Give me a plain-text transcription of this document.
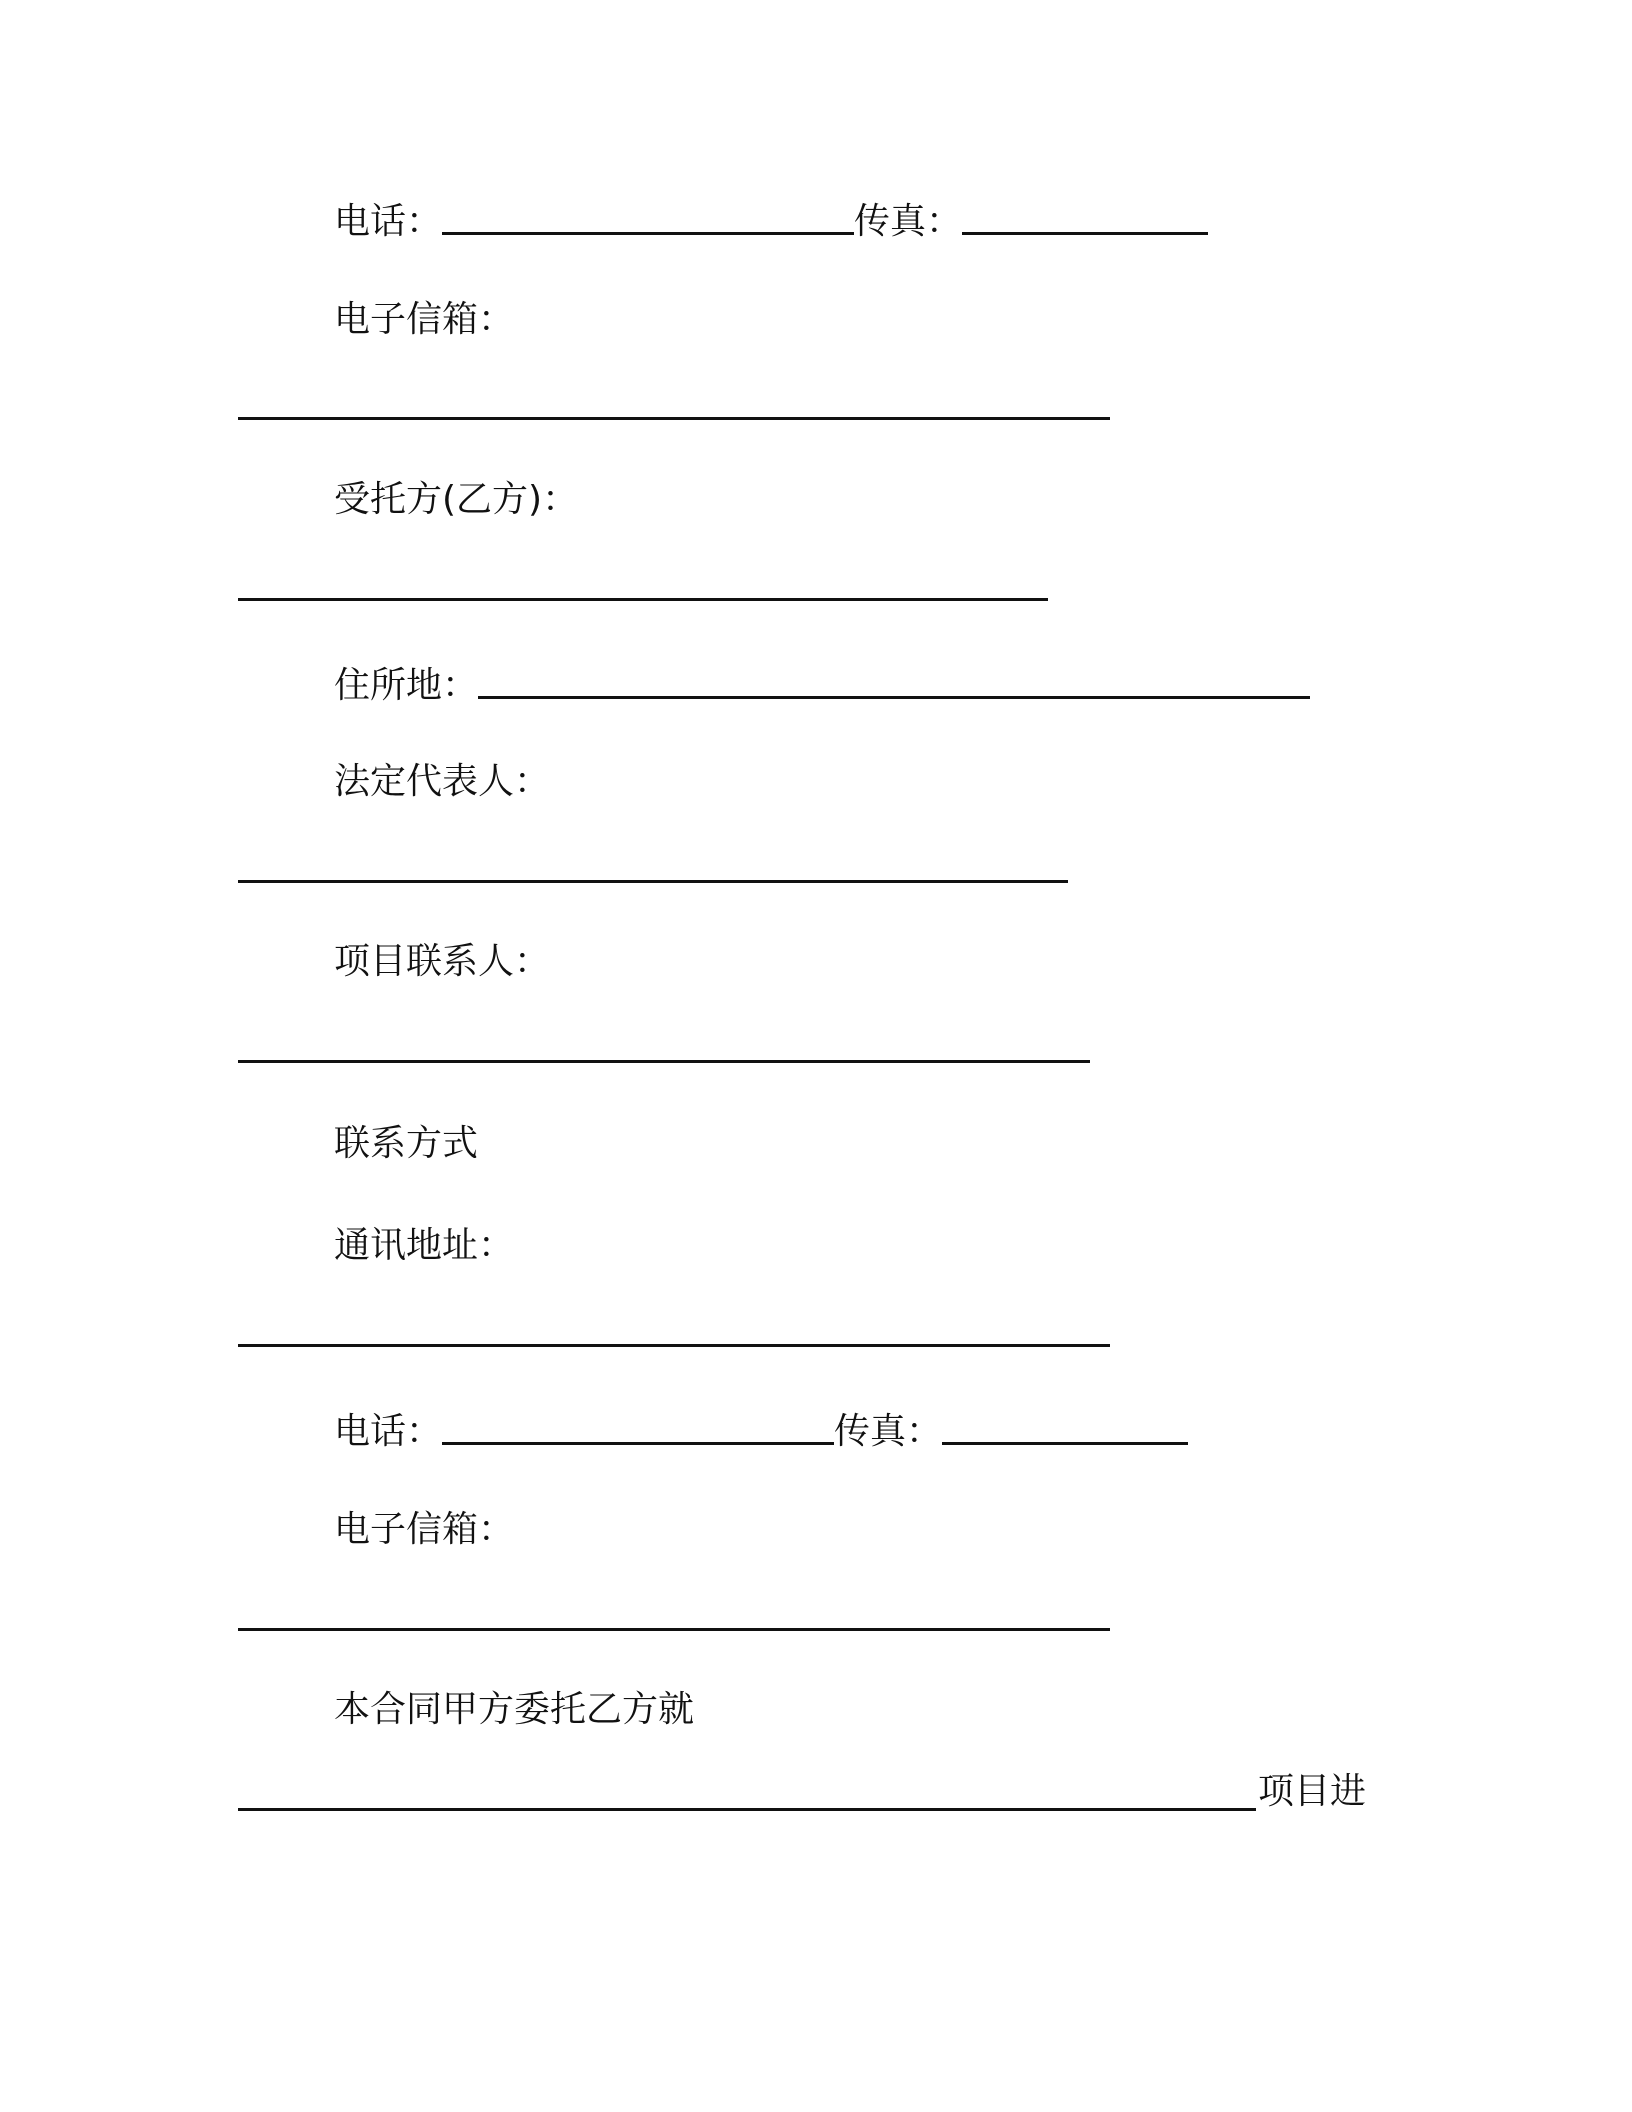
电话：	传真：
电子信箱：
受托方(乙方)：
住所地：
法定代表人：
项目联系人：
联系方式
通讯地址：
电话：	传真：
电子信箱：
本合同甲方委托乙方就
项目进
